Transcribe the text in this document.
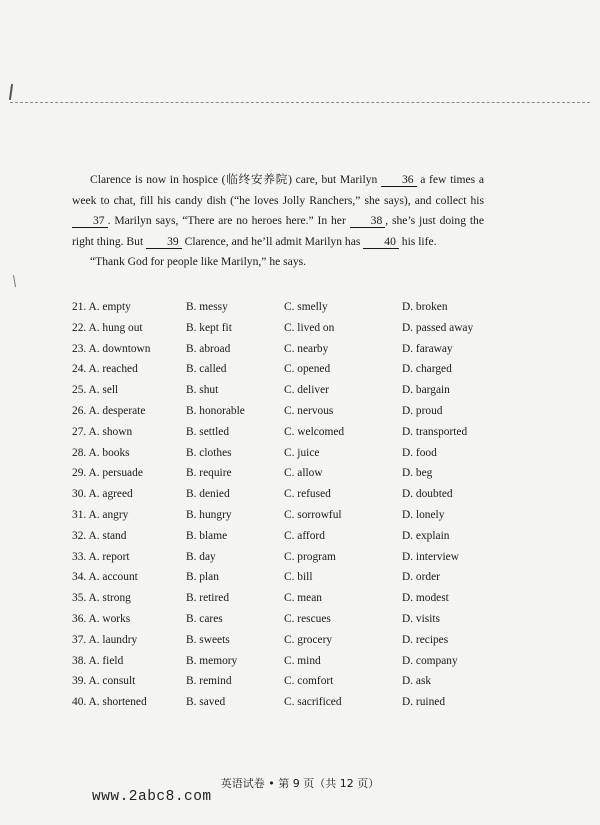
Clarence is now in hospice (临终安养院) care, but Marilyn 36 a few times a week to chat, fill his candy dish (“he loves Jolly Ranchers,” she says), and collect his 37 . Marilyn says, “There are no heroes here.” In her 38 , she’s just doing the right thing. But 39 Clarence, and he’ll admit Marilyn has 40 his life.

“Thank God for people like Marilyn,” he says.

21. A. empty	B. messy	C. smelly	D. broken
22. A. hung out	B. kept fit	C. lived on	D. passed away
23. A. downtown	B. abroad	C. nearby	D. faraway
24. A. reached	B. called	C. opened	D. charged
25. A. sell	B. shut	C. deliver	D. bargain
26. A. desperate	B. honorable	C. nervous	D. proud
27. A. shown	B. settled	C. welcomed	D. transported
28. A. books	B. clothes	C. juice	D. food
29. A. persuade	B. require	C. allow	D. beg
30. A. agreed	B. denied	C. refused	D. doubted
31. A. angry	B. hungry	C. sorrowful	D. lonely
32. A. stand	B. blame	C. afford	D. explain
33. A. report	B. day	C. program	D. interview
34. A. account	B. plan	C. bill	D. order
35. A. strong	B. retired	C. mean	D. modest
36. A. works	B. cares	C. rescues	D. visits
37. A. laundry	B. sweets	C. grocery	D. recipes
38. A. field	B. memory	C. mind	D. company
39. A. consult	B. remind	C. comfort	D. ask
40. A. shortened	B. saved	C. sacrificed	D. ruined
英语试卷 • 第 9 页（共 12 页）
www.2abc8.com
